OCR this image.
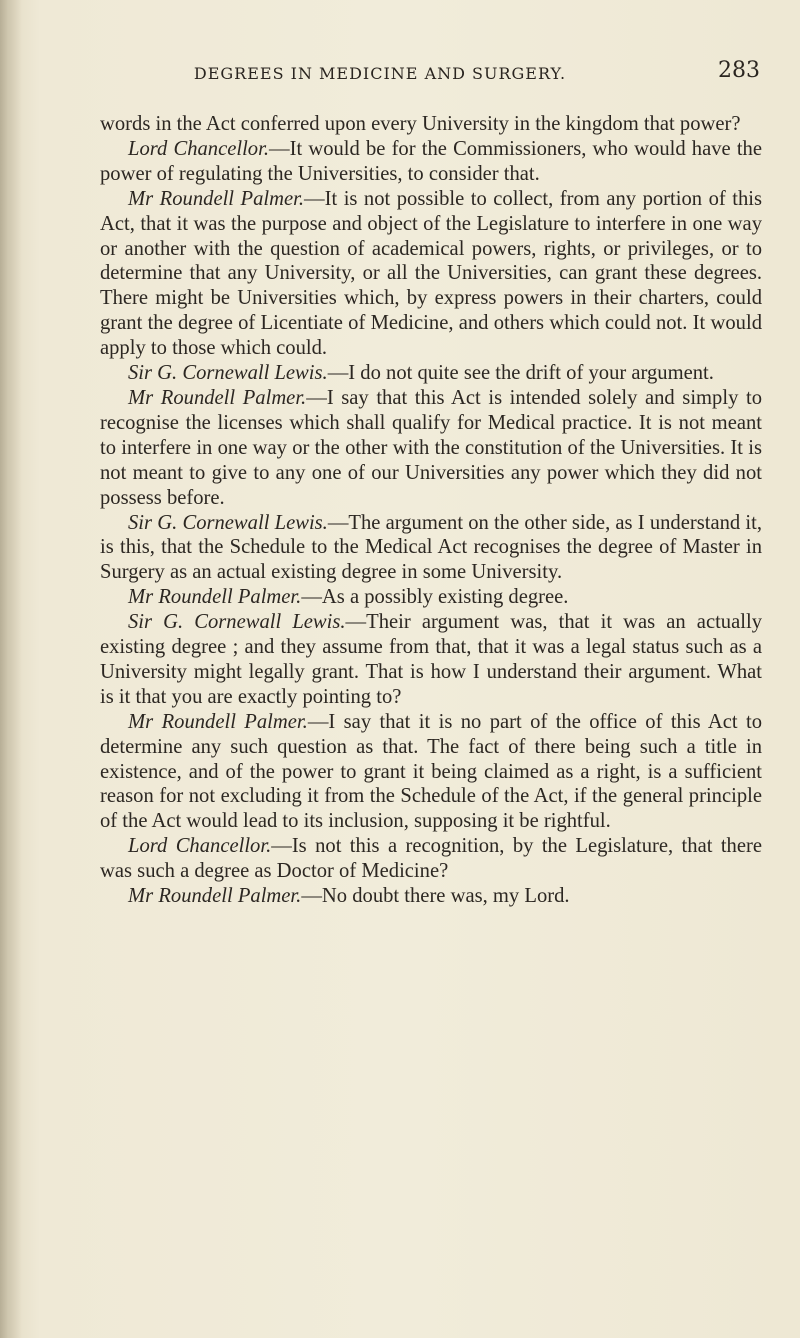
DEGREES IN MEDICINE AND SURGERY.	283

words in the Act conferred upon every University in the kingdom that power?

Lord Chancellor.—It would be for the Commissioners, who would have the power of regulating the Universities, to consider that.

Mr Roundell Palmer.—It is not possible to collect, from any portion of this Act, that it was the purpose and object of the Legislature to interfere in one way or another with the question of academical powers, rights, or privileges, or to determine that any University, or all the Universities, can grant these degrees. There might be Universities which, by express powers in their charters, could grant the degree of Licentiate of Medicine, and others which could not. It would apply to those which could.

Sir G. Cornewall Lewis.—I do not quite see the drift of your argument.

Mr Roundell Palmer.—I say that this Act is intended solely and simply to recognise the licenses which shall qualify for Medical practice. It is not meant to interfere in one way or the other with the constitution of the Universities. It is not meant to give to any one of our Universities any power which they did not possess before.

Sir G. Cornewall Lewis.—The argument on the other side, as I understand it, is this, that the Schedule to the Medical Act recognises the degree of Master in Surgery as an actual existing degree in some University.

Mr Roundell Palmer.—As a possibly existing degree.

Sir G. Cornewall Lewis.—Their argument was, that it was an actually existing degree ; and they assume from that, that it was a legal status such as a University might legally grant. That is how I understand their argument. What is it that you are exactly pointing to?

Mr Roundell Palmer.—I say that it is no part of the office of this Act to determine any such question as that. The fact of there being such a title in existence, and of the power to grant it being claimed as a right, is a sufficient reason for not excluding it from the Schedule of the Act, if the general principle of the Act would lead to its inclusion, supposing it be rightful.

Lord Chancellor.—Is not this a recognition, by the Legislature, that there was such a degree as Doctor of Medicine?

Mr Roundell Palmer.—No doubt there was, my Lord.
